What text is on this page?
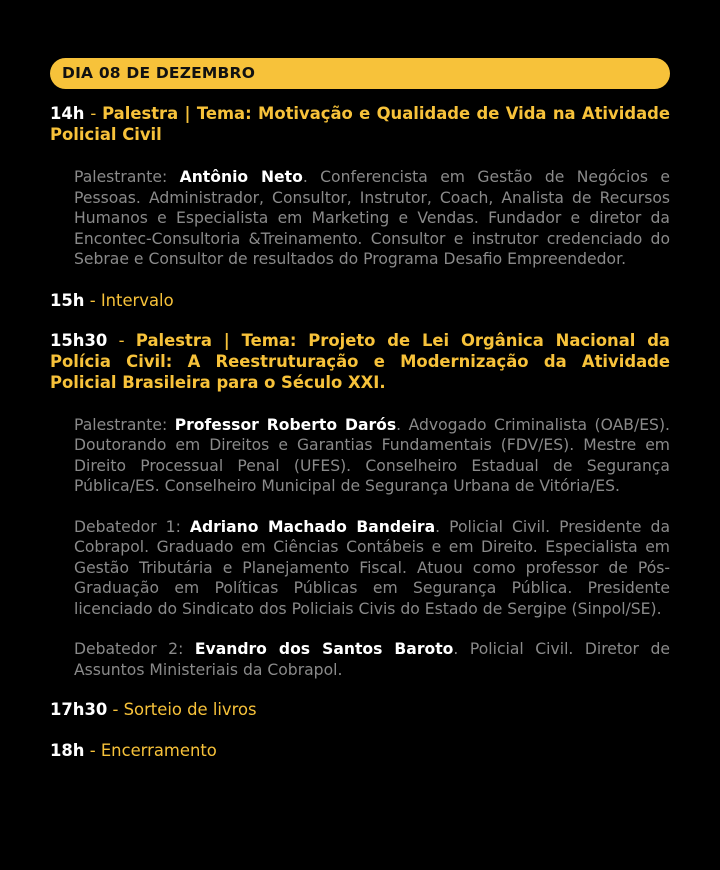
DIA 08 DE DEZEMBRO
14h - Palestra | Tema: Motivação e Qualidade de Vida na Atividade Policial Civil
Palestrante: Antônio Neto. Conferencista em Gestão de Negócios e Pessoas. Administrador, Consultor, Instrutor, Coach, Analista de Recursos Humanos e Especialista em Marketing e Vendas. Fundador e diretor da Encontec-Consultoria &Treinamento. Consultor e instrutor credenciado do Sebrae e Consultor de resultados do Programa Desafio Empreendedor.
15h - Intervalo
15h30 - Palestra | Tema: Projeto de Lei Orgânica Nacional da Polícia Civil: A Reestruturação e Modernização da Atividade Policial Brasileira para o Século XXI.
Palestrante: Professor Roberto Darós. Advogado Criminalista (OAB/ES). Doutorando em Direitos e Garantias Fundamentais (FDV/ES). Mestre em Direito Processual Penal (UFES). Conselheiro Estadual de Segurança Pública/ES. Conselheiro Municipal de Segurança Urbana de Vitória/ES.
Debatedor 1: Adriano Machado Bandeira. Policial Civil. Presidente da Cobrapol. Graduado em Ciências Contábeis e em Direito. Especialista em Gestão Tributária e Planejamento Fiscal. Atuou como professor de Pós-Graduação em Políticas Públicas em Segurança Pública. Presidente licenciado do Sindicato dos Policiais Civis do Estado de Sergipe (Sinpol/SE).
Debatedor 2: Evandro dos Santos Baroto. Policial Civil. Diretor de Assuntos Ministeriais da Cobrapol.
17h30 - Sorteio de livros
18h - Encerramento
